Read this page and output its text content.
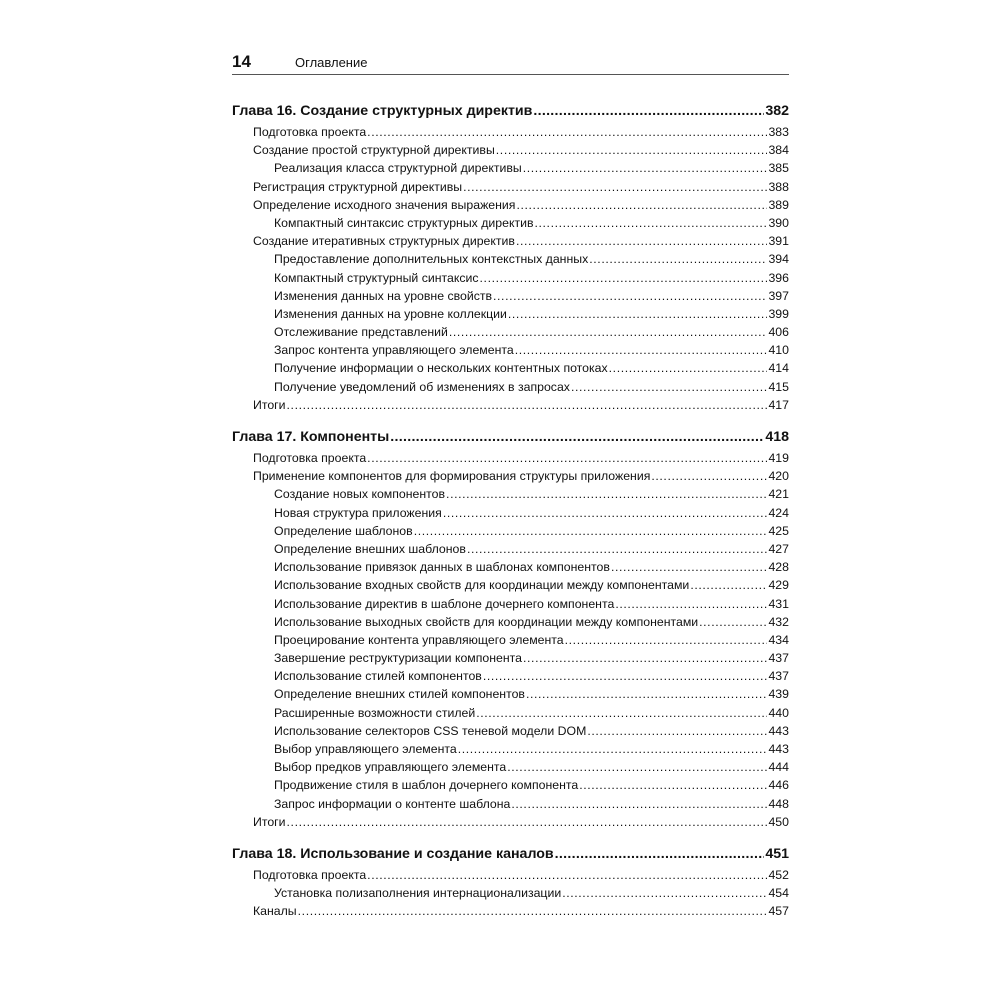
14	Оглавление
Глава 16. Создание структурных директив .....	382
Подготовка проекта .....	383
Создание простой структурной директивы .....	384
Реализация класса структурной директивы .....	385
Регистрация структурной директивы .....	388
Определение исходного значения выражения .....	389
Компактный синтаксис структурных директив .....	390
Создание итеративных структурных директив .....	391
Предоставление дополнительных контекстных данных .....	394
Компактный структурный синтаксис .....	396
Изменения данных на уровне свойств .....	397
Изменения данных на уровне коллекции .....	399
Отслеживание представлений .....	406
Запрос контента управляющего элемента .....	410
Получение информации о нескольких контентных потоках .....	414
Получение уведомлений об изменениях в запросах .....	415
Итоги .....	417
Глава 17. Компоненты .....	418
Подготовка проекта .....	419
Применение компонентов для формирования структуры приложения .....	420
Создание новых компонентов .....	421
Новая структура приложения .....	424
Определение шаблонов .....	425
Определение внешних шаблонов .....	427
Использование привязок данных в шаблонах компонентов .....	428
Использование входных свойств для координации между компонентами .....	429
Использование директив в шаблоне дочернего компонента .....	431
Использование выходных свойств для координации между компонентами .....	432
Проецирование контента управляющего элемента .....	434
Завершение реструктуризации компонента .....	437
Использование стилей компонентов .....	437
Определение внешних стилей компонентов .....	439
Расширенные возможности стилей .....	440
Использование селекторов CSS теневой модели DOM .....	443
Выбор управляющего элемента .....	443
Выбор предков управляющего элемента .....	444
Продвижение стиля в шаблон дочернего компонента .....	446
Запрос информации о контенте шаблона .....	448
Итоги .....	450
Глава 18. Использование и создание каналов .....	451
Подготовка проекта .....	452
Установка полизаполнения интернационализации .....	454
Каналы .....	457
